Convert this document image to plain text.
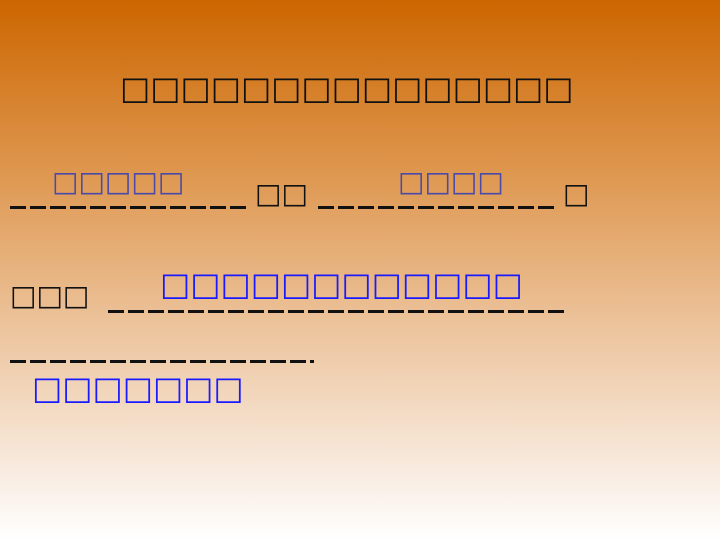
□□□□□□□□□□□□□□□
□□□□□	□□	□□□□ □
□□□ □□□□□□□□□□□□
□□□□□□□
